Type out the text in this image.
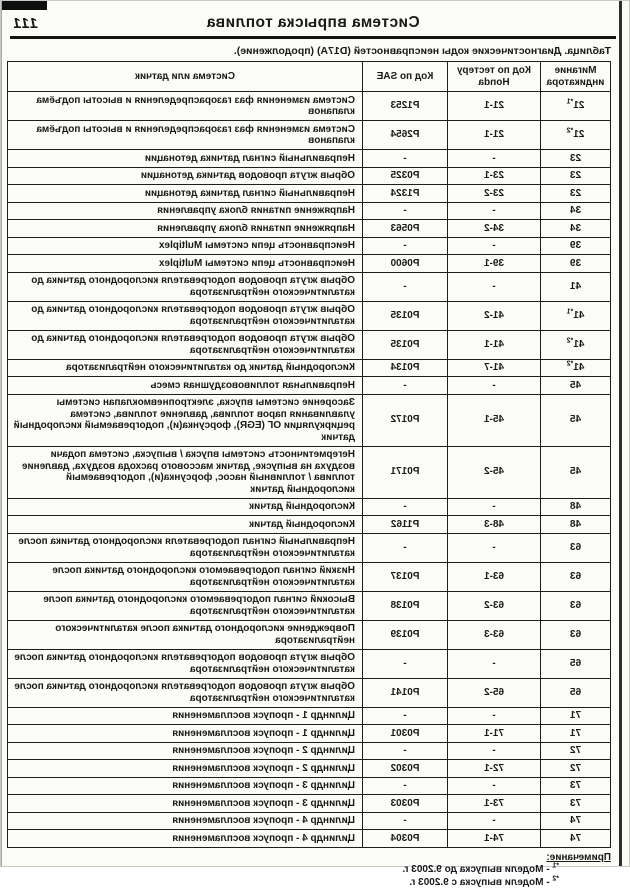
Система впрыска топлива
111
Таблица. Диагностические коды неисправностей (D17A) (продолжение).
Мигание индикатора	Код по тестеру Honda	Код по SAE	Система или датчик
21$^{*1}$	21-1	P1253	Система изменения фаз газораспределения и высоты подъёма клапанов
21$^{*2}$	21-1	P2654	Система изменения фаз газораспределения и высоты подъёма клапанов
23	-	-	Неправильный сигнал датчика детонации
23	23-1	P0325	Обрыв жгута проводов датчика детонации
23	23-2	P1324	Неправильный сигнал датчика детонации
34	-	-	Напряжение питания блока управления
34	34-2	P0563	Напряжение питания блока управления
39	-	-	Неисправность цепи системы Multiplex
39	39-1	P0600	Неисправность цепи системы Multiplex
41	-	-	Обрыв жгута проводов подогревателя кислородного датчика до каталитического нейтрализатора
41$^{*1}$	41-2	P0135	Обрыв жгута проводов подогревателя кислородного датчика до каталитического нейтрализатора
41$^{*2}$	41-1	P0135	Обрыв жгута проводов подогревателя кислородного датчика до каталитического нейтрализатора
41$^{*2}$	41-7	P0134	Кислородный датчик до каталитического нейтрализатора
45	-	-	Неправильная топливовоздушная смесь
45	45-1	P0172	Засорение системы впуска, электропневмоклапан системы улавливания паров топлива, давление топлива, система рециркуляции ОГ (EGR), форсунка(и), подогреваемый кислородный датчик
45	45-2	P0171	Негерметичность системы впуска / выпуска, система подачи воздуха на выпуске, датчик массового расхода воздуха, давление топлива / топливный насос, форсунка(и), подогреваемый кислородный датчик
48	-	-	Кислородный датчик
48	48-3	P1162	Кислородный датчик
63	-	-	Неправильный сигнал подогревателя кислородного датчика после каталитического нейтрализатора
63	63-1	P0137	Низкий сигнал подогреваемого кислородного датчика после каталитического нейтрализатора
63	63-2	P0138	Высокий сигнал подогреваемого кислородного датчика после каталитического нейтрализатора
63	63-3	P0139	Повреждение кислородного датчика после каталитического нейтрализатора
65	-	-	Обрыв жгута проводов подогревателя кислородного датчика после каталитического нейтрализатора
65	65-2	P0141	Обрыв жгута проводов подогревателя кислородного датчика после каталитического нейтрализатора
71	-	-	Цилиндр 1 - пропуск воспламенения
71	71-1	P0301	Цилиндр 1 - пропуск воспламенения
72	-	-	Цилиндр 2 - пропуск воспламенения
72	72-1	P0302	Цилиндр 2 - пропуск воспламенения
73	-	-	Цилиндр 3 - пропуск воспламенения
73	73-1	P0303	Цилиндр 3 - пропуск воспламенения
74	-	-	Цилиндр 4 - пропуск воспламенения
74	74-1	P0304	Цилиндр 4 - пропуск воспламенения
Примечание:
$^{*1}$ - Модели выпуска до 9.2003 г.
$^{*2}$ - Модели выпуска с 9.2003 г.
